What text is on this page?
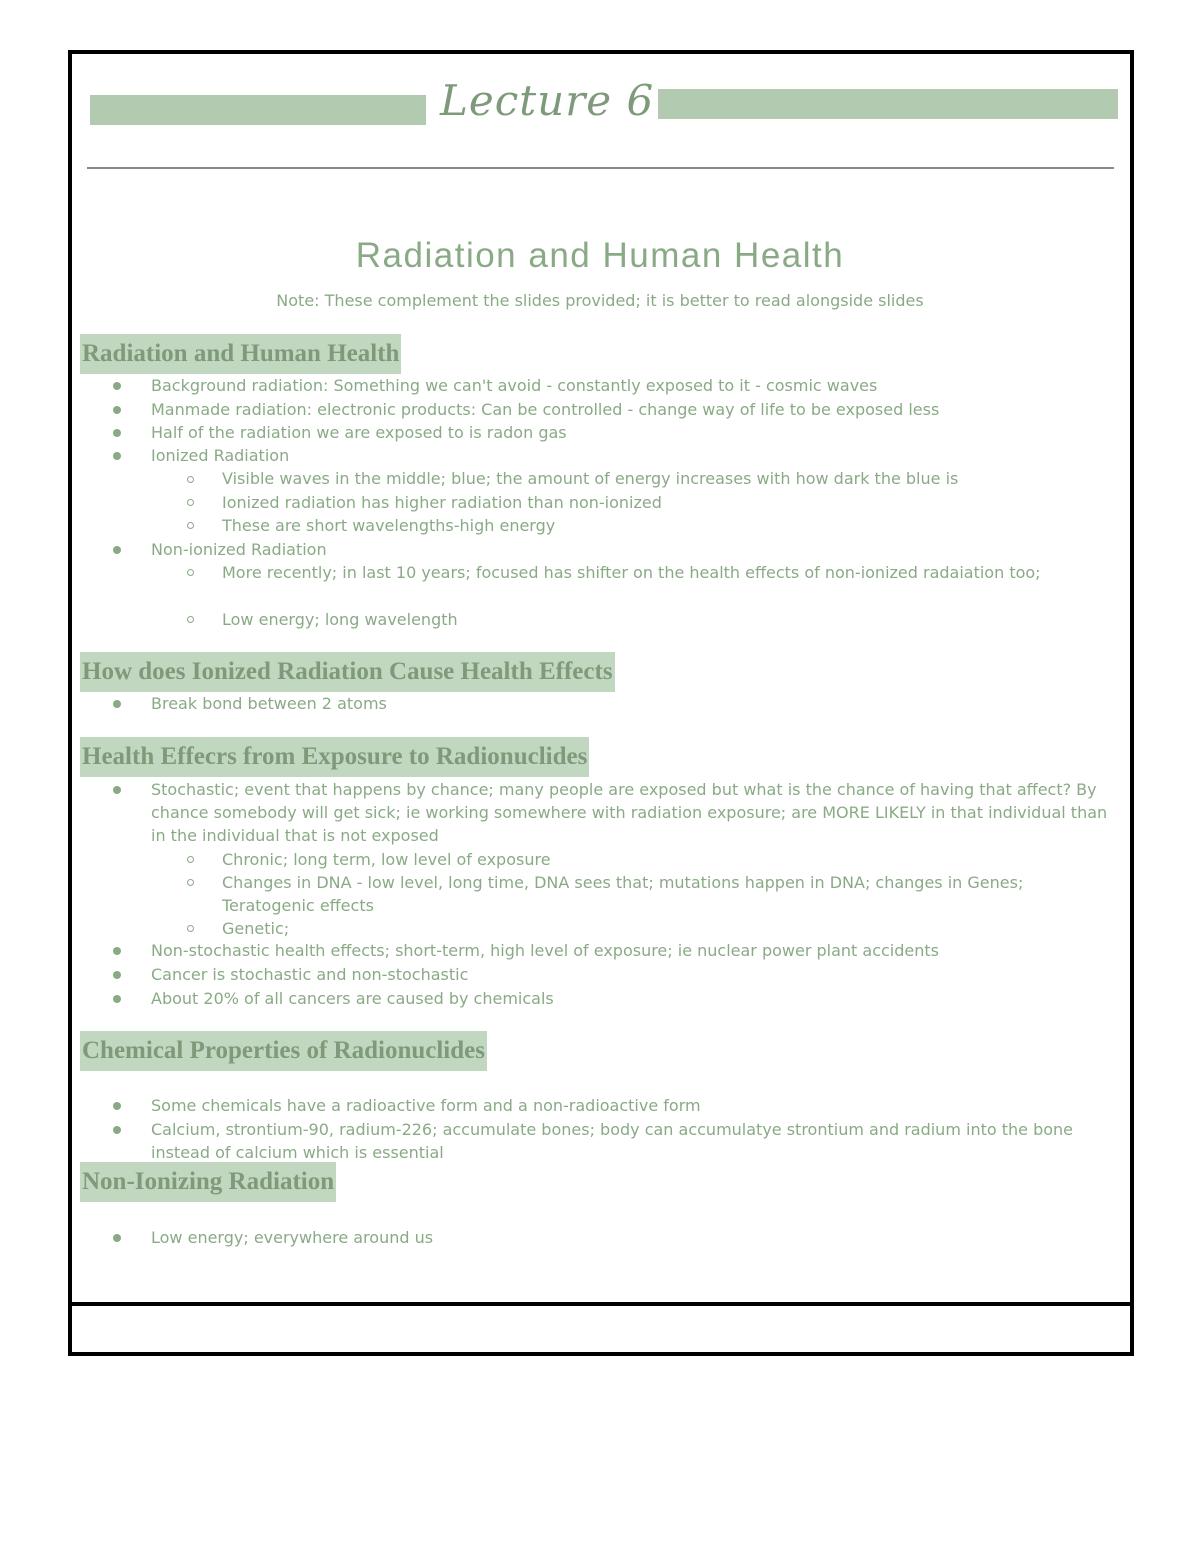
Lecture 6
Radiation and Human Health
Note: These complement the slides provided; it is better to read alongside slides
Radiation and Human Health
Background radiation: Something we can't avoid - constantly exposed to it - cosmic waves
Manmade radiation: electronic products: Can be controlled - change way of life to be exposed less
Half of the radiation we are exposed to is radon gas
Ionized Radiation
Visible waves in the middle; blue; the amount of energy increases with how dark the blue is
Ionized radiation has higher radiation than non-ionized
These are short wavelengths-high energy
Non-ionized Radiation
More recently; in last 10 years; focused has shifter on the health effects of non-ionized radaiation too;
Low energy; long wavelength
How does Ionized Radiation Cause Health Effects
Break bond between 2 atoms
Health Effecrs from Exposure to Radionuclides
Stochastic; event that happens by chance; many people are exposed but what is the chance of having that affect? By chance somebody will get sick; ie working somewhere with radiation exposure; are MORE LIKELY in that individual than in the individual that is not exposed
Chronic; long term, low level of exposure
Changes in DNA - low level, long time, DNA sees that; mutations happen in DNA; changes in Genes; Teratogenic effects
Genetic;
Non-stochastic health effects; short-term, high level of exposure; ie nuclear power plant accidents
Cancer is stochastic and non-stochastic
About 20% of all cancers are caused by chemicals
Chemical Properties of Radionuclides
Some chemicals have a radioactive form and a non-radioactive form
Calcium, strontium-90, radium-226; accumulate bones; body can accumulatye strontium and radium into the bone instead of calcium which is essential
Non-Ionizing Radiation
Low energy; everywhere around us
